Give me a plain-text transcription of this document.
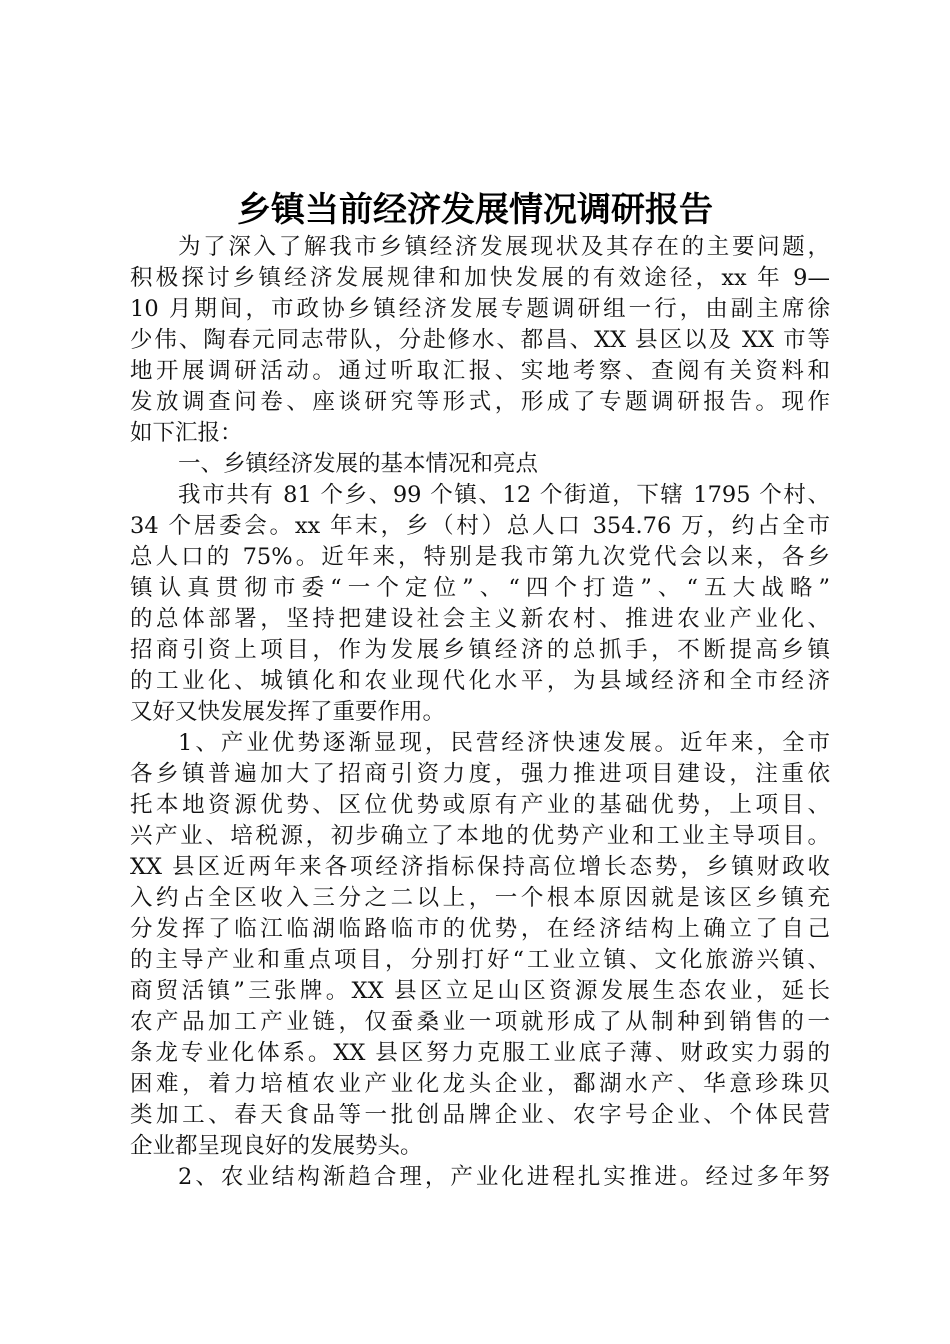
乡镇当前经济发展情况调研报告
为了深入了解我市乡镇经济发展现状及其存在的主要问题，
积极探讨乡镇经济发展规律和加快发展的有效途径，xx 年 9—
10 月期间，市政协乡镇经济发展专题调研组一行，由副主席徐
少伟、陶春元同志带队，分赴修水、都昌、XX 县区以及 XX 市等
地开展调研活动。通过听取汇报、实地考察、查阅有关资料和
发放调查问卷、座谈研究等形式，形成了专题调研报告。现作
如下汇报：
一、乡镇经济发展的基本情况和亮点
我市共有 81 个乡、99 个镇、12 个街道，下辖 1795 个村、
34 个居委会。xx 年末，乡（村）总人口 354.76 万，约占全市
总人口的 75%。近年来，特别是我市第九次党代会以来，各乡
镇认真贯彻市委“一个定位”、“四个打造”、“五大战略”
的总体部署，坚持把建设社会主义新农村、推进农业产业化、
招商引资上项目，作为发展乡镇经济的总抓手，不断提高乡镇
的工业化、城镇化和农业现代化水平，为县域经济和全市经济
又好又快发展发挥了重要作用。
1、产业优势逐渐显现，民营经济快速发展。近年来，全市
各乡镇普遍加大了招商引资力度，强力推进项目建设，注重依
托本地资源优势、区位优势或原有产业的基础优势，上项目、
兴产业、培税源，初步确立了本地的优势产业和工业主导项目。
XX 县区近两年来各项经济指标保持高位增长态势，乡镇财政收
入约占全区收入三分之二以上，一个根本原因就是该区乡镇充
分发挥了临江临湖临路临市的优势，在经济结构上确立了自己
的主导产业和重点项目，分别打好“工业立镇、文化旅游兴镇、
商贸活镇”三张牌。XX 县区立足山区资源发展生态农业，延长
农产品加工产业链，仅蚕桑业一项就形成了从制种到销售的一
条龙专业化体系。XX 县区努力克服工业底子薄、财政实力弱的
困难，着力培植农业产业化龙头企业，鄱湖水产、华意珍珠贝
类加工、春天食品等一批创品牌企业、农字号企业、个体民营
企业都呈现良好的发展势头。
2、农业结构渐趋合理，产业化进程扎实推进。经过多年努
